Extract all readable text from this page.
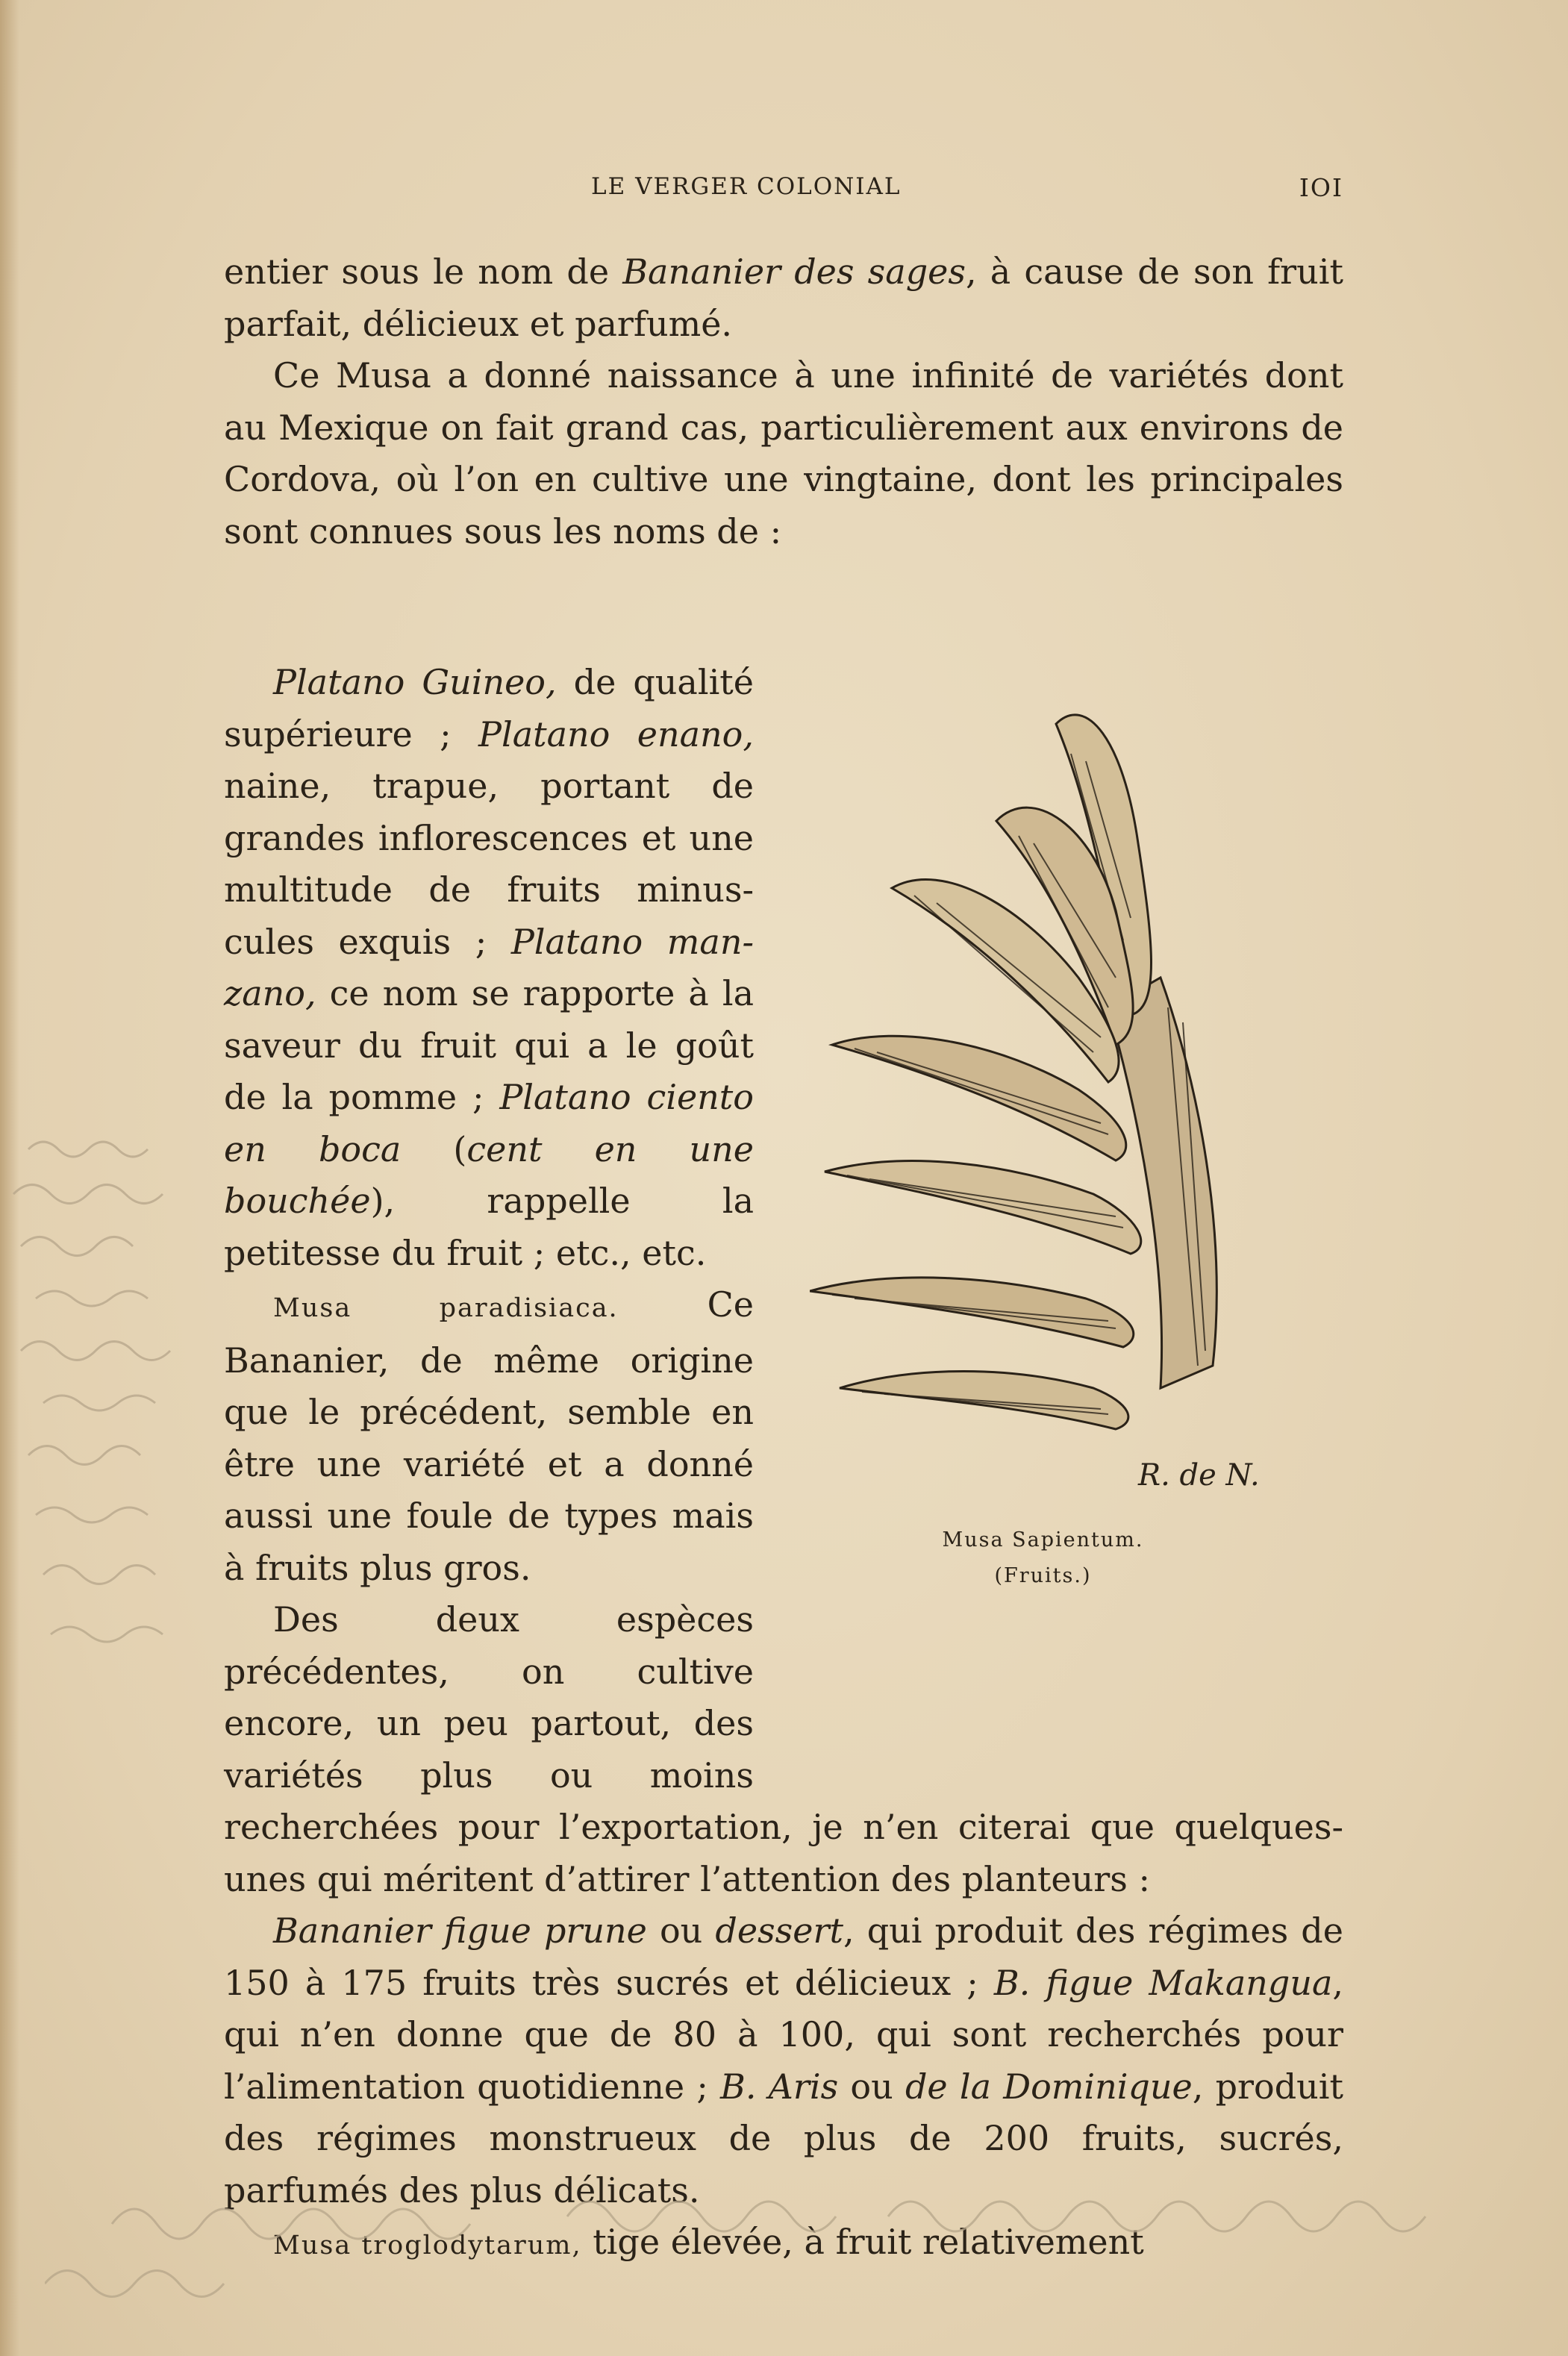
LE VERGER COLONIAL	IOI

entier sous le nom de Bananier des sages, à cause de son fruit parfait, délicieux et parfumé.

Ce Musa a donné naissance à une infinité de variétés dont au Mexique on fait grand cas, particulièrement aux environs de Cordova, où l’on en cultive une vingtaine, dont les principales sont connues sous les noms de :

Platano Guineo, de qualité supérieure ; Platano enano, naine, trapue, portant de grandes inflorescences et une multitude de fruits minus-cules exquis ; Platano man-zano, ce nom se rapporte à la saveur du fruit qui a le goût de la pomme ; Platano ciento en boca (cent en une bouchée), rappelle la petitesse du fruit ; etc., etc.

Musa paradisiaca. Ce Bananier, de même origine que le précédent, semble en être une variété et a donné aussi une foule de types mais à fruits plus gros.

Des deux espèces précédentes, on cultive encore, un peu partout, des variétés plus ou moins recherchées pour l’exportation, je n’en citerai que quelques-unes qui méritent d’attirer l’attention des planteurs :

Bananier figue prune ou dessert, qui produit des régimes de 150 à 175 fruits très sucrés et délicieux ; B. figue Makangua, qui n’en donne que de 80 à 100, qui sont recherchés pour l’alimentation quotidienne ; B. Aris ou de la Dominique, produit des régimes monstrueux de plus de 200 fruits, sucrés, parfumés des plus délicats.

Musa troglodytarum, tige élevée, à fruit relativement

R. de N.
Musa Sapientum.
(Fruits.)
